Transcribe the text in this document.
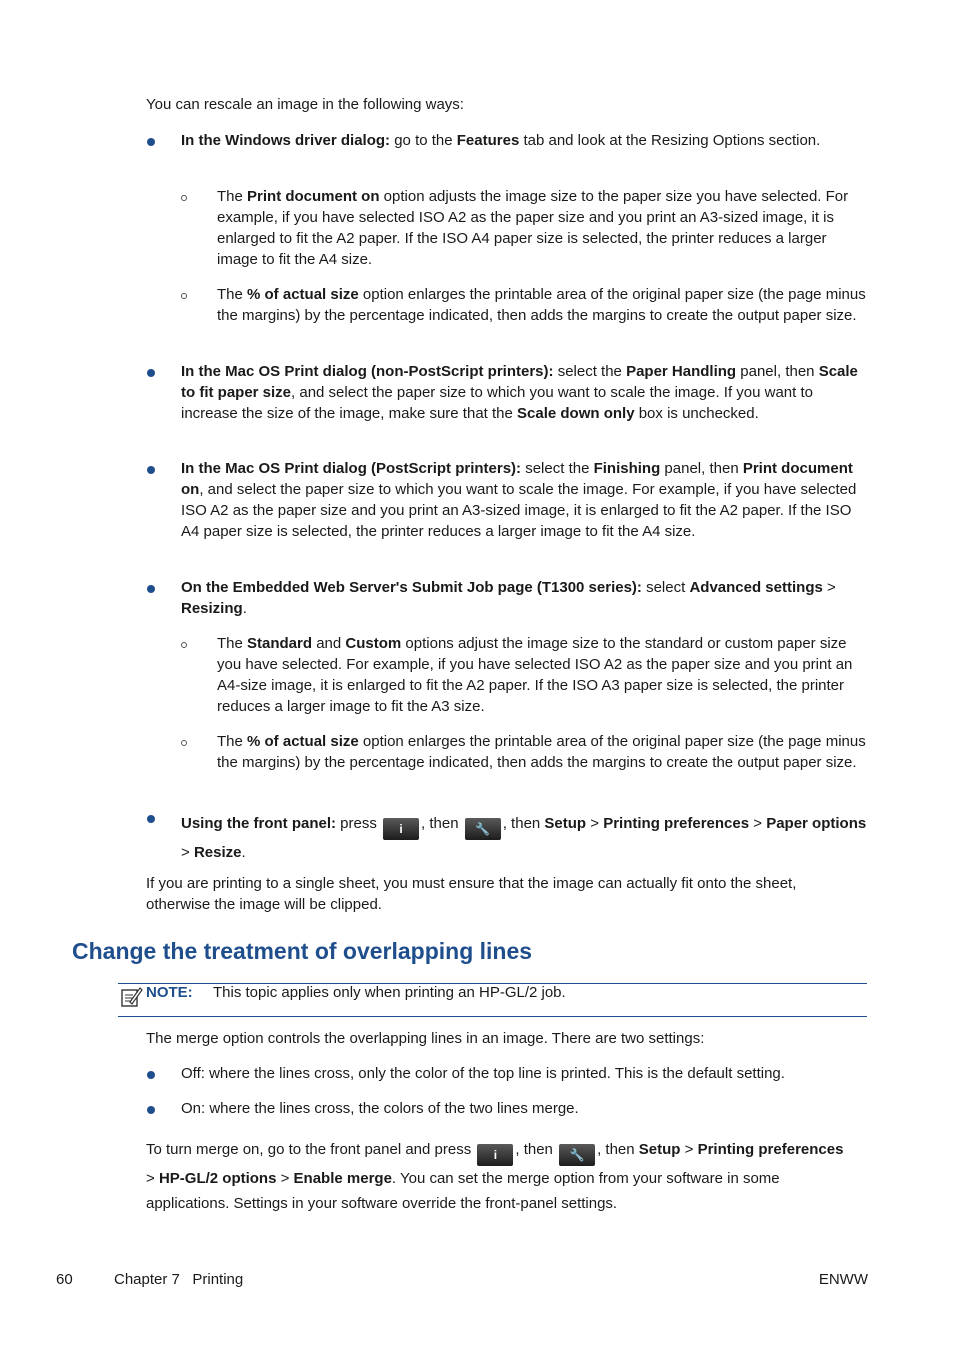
You can rescale an image in the following ways:
In the Windows driver dialog: go to the Features tab and look at the Resizing Options section.
The Print document on option adjusts the image size to the paper size you have selected. For example, if you have selected ISO A2 as the paper size and you print an A3-sized image, it is enlarged to fit the A2 paper. If the ISO A4 paper size is selected, the printer reduces a larger image to fit the A4 size.
The % of actual size option enlarges the printable area of the original paper size (the page minus the margins) by the percentage indicated, then adds the margins to create the output paper size.
In the Mac OS Print dialog (non-PostScript printers): select the Paper Handling panel, then Scale to fit paper size, and select the paper size to which you want to scale the image. If you want to increase the size of the image, make sure that the Scale down only box is unchecked.
In the Mac OS Print dialog (PostScript printers): select the Finishing panel, then Print document on, and select the paper size to which you want to scale the image. For example, if you have selected ISO A2 as the paper size and you print an A3-sized image, it is enlarged to fit the A2 paper. If the ISO A4 paper size is selected, the printer reduces a larger image to fit the A4 size.
On the Embedded Web Server's Submit Job page (T1300 series): select Advanced settings > Resizing.
The Standard and Custom options adjust the image size to the standard or custom paper size you have selected. For example, if you have selected ISO A2 as the paper size and you print an A4-size image, it is enlarged to fit the A2 paper. If the ISO A3 paper size is selected, the printer reduces a larger image to fit the A3 size.
The % of actual size option enlarges the printable area of the original paper size (the page minus the margins) by the percentage indicated, then adds the margins to create the output paper size.
Using the front panel: press i , then 🔧 , then Setup > Printing preferences > Paper options > Resize.
If you are printing to a single sheet, you must ensure that the image can actually fit onto the sheet, otherwise the image will be clipped.
Change the treatment of overlapping lines
NOTE: This topic applies only when printing an HP-GL/2 job.
The merge option controls the overlapping lines in an image. There are two settings:
Off: where the lines cross, only the color of the top line is printed. This is the default setting.
On: where the lines cross, the colors of the two lines merge.
To turn merge on, go to the front panel and press i , then 🔧 , then Setup > Printing preferences > HP-GL/2 options > Enable merge. You can set the merge option from your software in some applications. Settings in your software override the front-panel settings.
60	Chapter 7   Printing	ENWW
